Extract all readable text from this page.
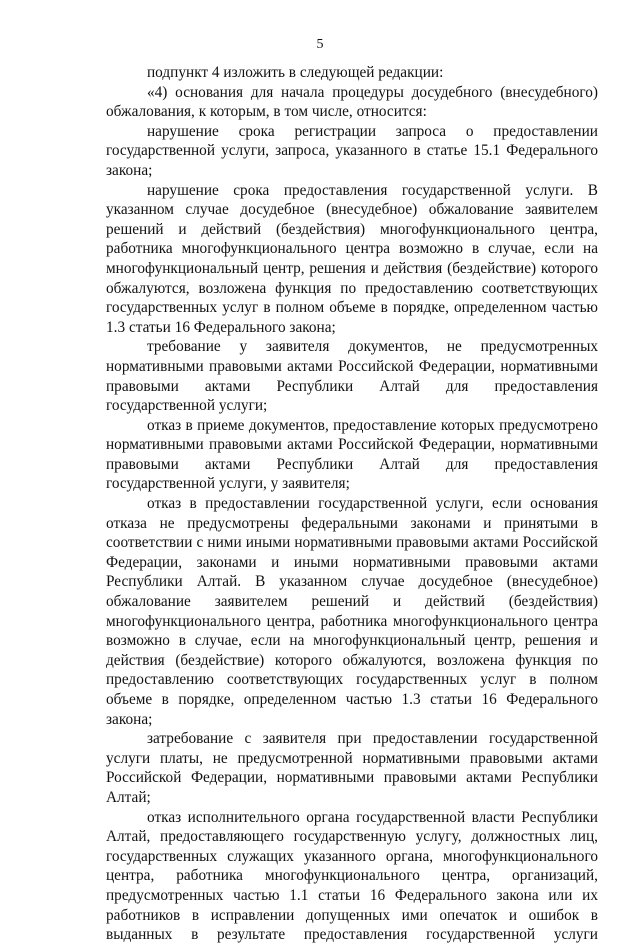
5

подпункт 4 изложить в следующей редакции:

«4) основания для начала процедуры досудебного (внесудебного) обжалования, к которым, в том числе, относится:

нарушение срока регистрации запроса о предоставлении государственной услуги, запроса, указанного в статье 15.1 Федерального закона;

нарушение срока предоставления государственной услуги. В указанном случае досудебное (внесудебное) обжалование заявителем решений и действий (бездействия) многофункционального центра, работника многофункционального центра возможно в случае, если на многофункциональный центр, решения и действия (бездействие) которого обжалуются, возложена функция по предоставлению соответствующих государственных услуг в полном объеме в порядке, определенном частью 1.3 статьи 16 Федерального закона;

требование у заявителя документов, не предусмотренных нормативными правовыми актами Российской Федерации, нормативными правовыми актами Республики Алтай для предоставления государственной услуги;

отказ в приеме документов, предоставление которых предусмотрено нормативными правовыми актами Российской Федерации, нормативными правовыми актами Республики Алтай для предоставления государственной услуги, у заявителя;

отказ в предоставлении государственной услуги, если основания отказа не предусмотрены федеральными законами и принятыми в соответствии с ними иными нормативными правовыми актами Российской Федерации, законами и иными нормативными правовыми актами Республики Алтай. В указанном случае досудебное (внесудебное) обжалование заявителем решений и действий (бездействия) многофункционального центра, работника многофункционального центра возможно в случае, если на многофункциональный центр, решения и действия (бездействие) которого обжалуются, возложена функция по предоставлению соответствующих государственных услуг в полном объеме в порядке, определенном частью 1.3 статьи 16 Федерального закона;

затребование с заявителя при предоставлении государственной услуги платы, не предусмотренной нормативными правовыми актами Российской Федерации, нормативными правовыми актами Республики Алтай;

отказ исполнительного органа государственной власти Республики Алтай, предоставляющего государственную услугу, должностных лиц, государственных служащих указанного органа, многофункционального центра, работника многофункционального центра, организаций, предусмотренных частью 1.1 статьи 16 Федерального закона или их работников в исправлении допущенных ими опечаток и ошибок в выданных в результате предоставления государственной услуги
